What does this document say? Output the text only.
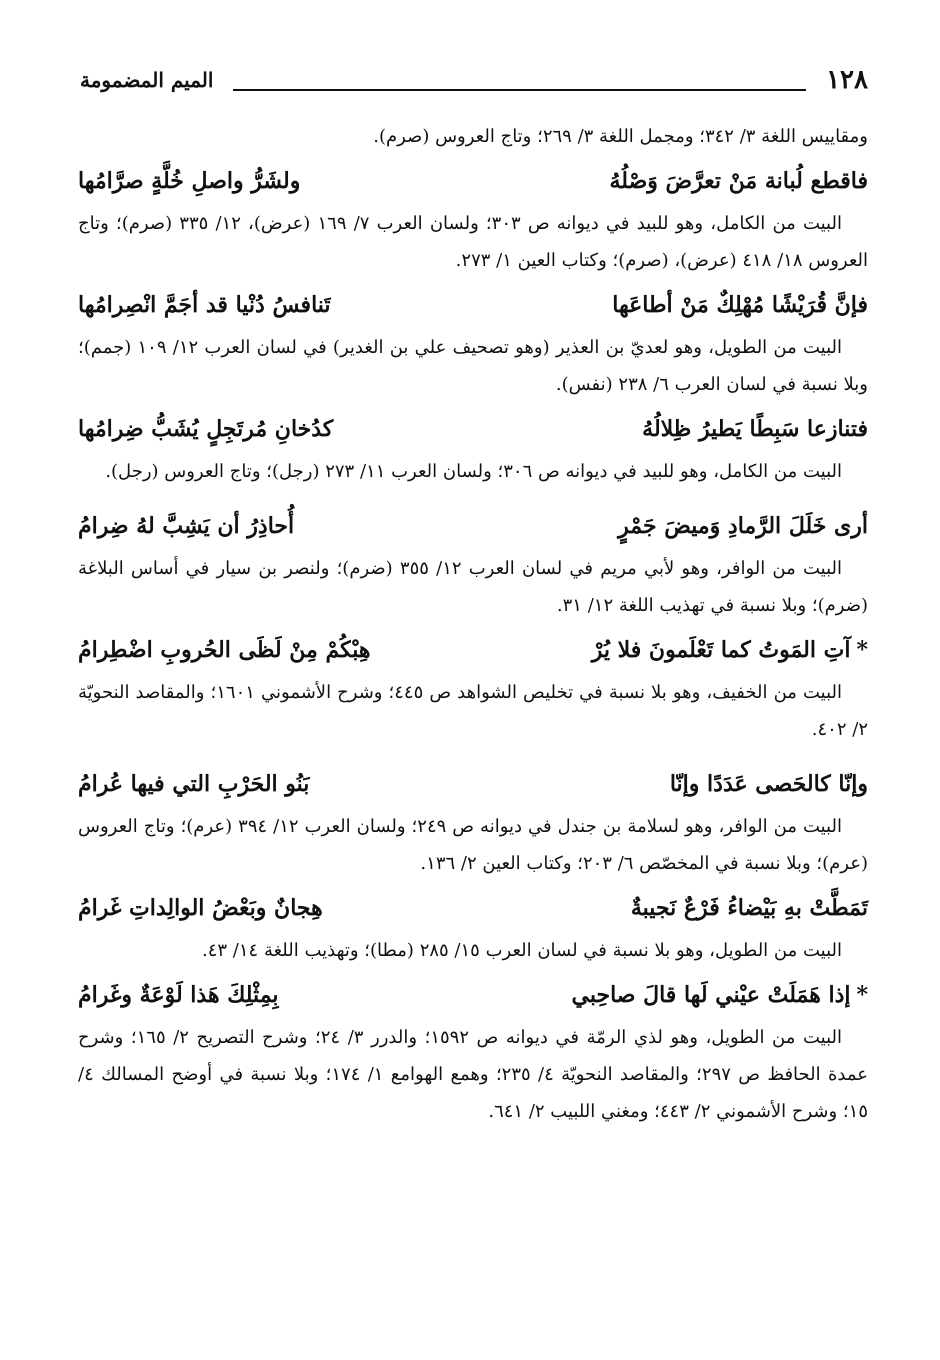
١٢٨
الميم المضمومة

ومقاييس اللغة ٣/ ٣٤٢؛ ومجمل اللغة ٣/ ٢٦٩؛ وتاج العروس (صرم).

فاقطع لُبانة مَنْ تعرَّضَ وَصْلُهُ
ولشَرُّ واصلِ خُلَّةٍ صرَّامُها

البيت من الكامل، وهو للبيد في ديوانه ص ٣٠٣؛ ولسان العرب ٧/ ١٦٩ (عرض)، ١٢/ ٣٣٥ (صرم)؛ وتاج العروس ١٨/ ٤١٨ (عرض)، (صرم)؛ وكتاب العين ١/ ٢٧٣.

فإنَّ قُرَيْشًا مُهْلِكٌ مَنْ أطاعَها
تَنافسُ دُنْيا قد أجَمَّ انْصِرامُها

البيت من الطويل، وهو لعديّ بن العذير (وهو تصحيف علي بن الغدير) في لسان العرب ١٢/ ١٠٩ (جمم)؛ وبلا نسبة في لسان العرب ٦/ ٢٣٨ (نفس).

فتنازعا سَبِطًا يَطيرُ ظِلالُهُ
كدُخانِ مُرتَجِلٍ يُشَبُّ ضِرامُها

البيت من الكامل، وهو للبيد في ديوانه ص ٣٠٦؛ ولسان العرب ١١/ ٢٧٣ (رجل)؛ وتاج العروس (رجل).

أرى خَلَلَ الرَّمادِ وَميضَ جَمْرٍ
أُحاذِرُ أن يَشِبَّ لهُ ضِرامُ

البيت من الوافر، وهو لأبي مريم في لسان العرب ١٢/ ٣٥٥ (ضرم)؛ ولنصر بن سيار في أساس البلاغة (ضرم)؛ وبلا نسبة في تهذيب اللغة ١٢/ ٣١.

*آتِ المَوتُ كما تَعْلَمونَ فلا يُرْ
هِبْكُمْ مِنْ لَظَى الحُروبِ اضْطِرامُ

البيت من الخفيف، وهو بلا نسبة في تخليص الشواهد ص ٤٤٥؛ وشرح الأشموني ١٦٠١؛ والمقاصد النحويّة ٢/ ٤٠٢.

وإنّا كالحَصى عَدَدًا وإنّا
بَنُو الحَرْبِ التي فيها عُرامُ

البيت من الوافر، وهو لسلامة بن جندل في ديوانه ص ٢٤٩؛ ولسان العرب ١٢/ ٣٩٤ (عرم)؛ وتاج العروس (عرم)؛ وبلا نسبة في المخصّص ٦/ ٢٠٣؛ وكتاب العين ٢/ ١٣٦.

تَمَطَّتْ بهِ بَيْضاءُ فَرْعٌ نَجيبةٌ
هِجانٌ وبَعْضُ الوالِداتِ غَرامُ

البيت من الطويل، وهو بلا نسبة في لسان العرب ١٥/ ٢٨٥ (مطا)؛ وتهذيب اللغة ١٤/ ٤٣.

*إذا هَمَلَتْ عيْني لَها قالَ صاحِبي
بِمِثْلِكَ هَذا لَوْعَةٌ وغَرامُ

البيت من الطويل، وهو لذي الرمّة في ديوانه ص ١٥٩٢؛ والدرر ٣/ ٢٤؛ وشرح التصريح ٢/ ١٦٥؛ وشرح عمدة الحافظ ص ٢٩٧؛ والمقاصد النحويّة ٤/ ٢٣٥؛ وهمع الهوامع ١/ ١٧٤؛ وبلا نسبة في أوضح المسالك ٤/ ١٥؛ وشرح الأشموني ٢/ ٤٤٣؛ ومغني اللبيب ٢/ ٦٤١.
